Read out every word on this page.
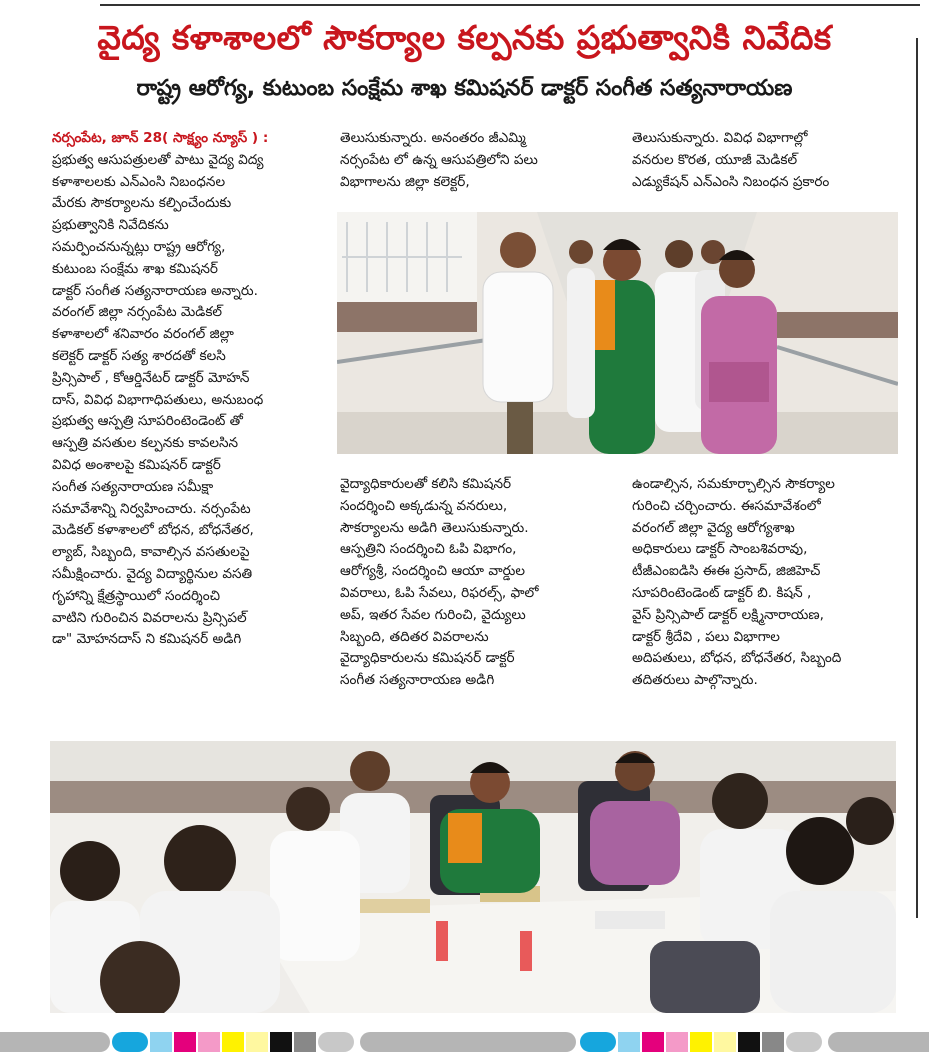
వైద్య కళాశాలలో సౌకర్యాల కల్పనకు ప్రభుత్వానికి నివేదిక
రాష్ట్ర ఆరోగ్య, కుటుంబ సంక్షేమ శాఖ కమిషనర్ డాక్టర్ సంగీత సత్యనారాయణ

నర్సంపేట, జూన్ 28( సాక్ష్యం న్యూస్ ) :

ప్రభుత్వ ఆసుపత్రులతో పాటు వైద్య విద్య

కళాశాలలకు ఎన్ఎంసి నిబంధనల

మేరకు సౌకర్యాలను కల్పించేందుకు

ప్రభుత్వానికి నివేదికను

సమర్పించనున్నట్లు రాష్ట్ర ఆరోగ్య,

కుటుంబ సంక్షేమ శాఖ కమిషనర్

డాక్టర్ సంగీత సత్యనారాయణ అన్నారు.

వరంగల్ జిల్లా నర్సంపేట మెడికల్

కళాశాలలో శనివారం వరంగల్ జిల్లా

కలెక్టర్ డాక్టర్ సత్య శారదతో కలసి

ప్రిన్సిపాల్ , కోఆర్డినేటర్ డాక్టర్ మోహన్

దాస్, వివిధ విభాగాధిపతులు, అనుబంధ

ప్రభుత్వ ఆస్పత్రి సూపరింటెండెంట్ తో

ఆస్పత్రి వసతుల కల్పనకు కావలసిన

వివిధ అంశాలపై కమిషనర్ డాక్టర్

సంగీత సత్యనారాయణ సమీక్షా

సమావేశాన్ని నిర్వహించారు. నర్సంపేట

మెడికల్ కళాశాలలో బోధన, బోధనేతర,

ల్యాబ్, సిబ్బంది, కావాల్సిన వసతులపై

సమీక్షించారు. వైద్య విద్యార్థినుల వసతి

గృహాన్ని క్షేత్రస్థాయిలో సందర్శించి

వాటిని గురించిన వివరాలను ప్రిన్సిపల్

డా" మోహనదాస్ ని కమిషనర్ అడిగి

తెలుసుకున్నారు. అనంతరం జీఎమ్మి

నర్సంపేట లో ఉన్న ఆసుపత్రిలోని పలు

విభాగాలను జిల్లా కలెక్టర్,

తెలుసుకున్నారు. వివిధ విభాగాల్లో

వనరుల కొరత, యూజీ మెడికల్

ఎడ్యుకేషన్ ఎన్ఎంసి నిబంధన ప్రకారం

వైద్యాధికారులతో కలిసి కమిషనర్

సందర్శించి అక్కడున్న వనరులు,

సౌకర్యాలను అడిగి తెలుసుకున్నారు.

ఆస్పత్రిని సందర్శించి ఓపి విభాగం,

ఆరోగ్యశ్రీ, సందర్శించి ఆయా వార్డుల

వివరాలు, ఓపి సేవలు, రిఫరల్స్, ఫాలో

అప్, ఇతర సేవల గురించి, వైద్యులు

సిబ్బంది, తదితర వివరాలను

వైద్యాధికారులను కమిషనర్ డాక్టర్

సంగీత సత్యనారాయణ అడిగి

ఉండాల్సిన, సమకూర్చాల్సిన సౌకర్యాల

గురించి చర్చించారు. ఈసమావేశంలో

వరంగల్ జిల్లా వైద్య ఆరోగ్యశాఖ

అధికారులు డాక్టర్ సాంబశివరావు,

టీజీఎంఐడిసి ఈఈ ప్రసాద్, జిజిహెచ్

సూపరింటెండెంట్ డాక్టర్ బి. కిషన్ ,

వైస్ ప్రిన్సిపాల్ డాక్టర్ లక్ష్మినారాయణ,

డాక్టర్ శ్రీదేవి , పలు విభాగాల

అదిపతులు, బోధన, బోధనేతర, సిబ్బంది

తదితరులు పాల్గొన్నారు.
